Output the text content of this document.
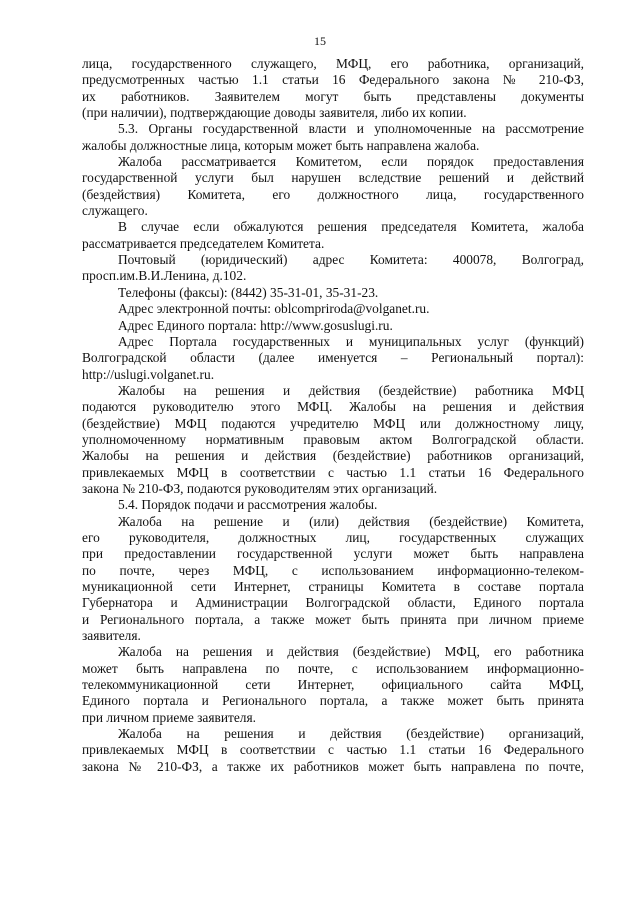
15
лица, государственного служащего, МФЦ, его работника, организаций,
предусмотренных частью 1.1 статьи 16 Федерального закона № 210-ФЗ,
их работников. Заявителем могут быть представлены документы
(при наличии), подтверждающие доводы заявителя, либо их копии.
5.3. Органы государственной власти и уполномоченные на рассмотрение
жалобы должностные лица, которым может быть направлена жалоба.
Жалоба рассматривается Комитетом, если порядок предоставления
государственной услуги был нарушен вследствие решений и действий
(бездействия) Комитета, его должностного лица, государственного
служащего.
В случае если обжалуются решения председателя Комитета, жалоба
рассматривается председателем Комитета.
Почтовый (юридический) адрес Комитета: 400078, Волгоград,
просп.им.В.И.Ленина, д.102.
Телефоны (факсы): (8442) 35-31-01, 35-31-23.
Адрес электронной почты: oblcompriroda@volganet.ru.
Адрес Единого портала: http://www.gosuslugi.ru.
Адрес Портала государственных и муниципальных услуг (функций)
Волгоградской области (далее именуется – Региональный портал):
http://uslugi.volganet.ru.
Жалобы на решения и действия (бездействие) работника МФЦ
подаются руководителю этого МФЦ. Жалобы на решения и действия
(бездействие) МФЦ подаются учредителю МФЦ или должностному лицу,
уполномоченному нормативным правовым актом Волгоградской области.
Жалобы на решения и действия (бездействие) работников организаций,
привлекаемых МФЦ в соответствии с частью 1.1 статьи 16 Федерального
закона № 210-ФЗ, подаются руководителям этих организаций.
5.4. Порядок подачи и рассмотрения жалобы.
Жалоба на решение и (или) действия (бездействие) Комитета,
его руководителя, должностных лиц, государственных служащих
при предоставлении государственной услуги может быть направлена
по почте, через МФЦ, с использованием информационно-телеком-
муникационной сети Интернет, страницы Комитета в составе портала
Губернатора и Администрации Волгоградской области, Единого портала
и Регионального портала, а также может быть принята при личном приеме
заявителя.
Жалоба на решения и действия (бездействие) МФЦ, его работника
может быть направлена по почте, с использованием информационно-
телекоммуникационной сети Интернет, официального сайта МФЦ,
Единого портала и Регионального портала, а также может быть принята
при личном приеме заявителя.
Жалоба на решения и действия (бездействие) организаций,
привлекаемых МФЦ в соответствии с частью 1.1 статьи 16 Федерального
закона № 210-ФЗ, а также их работников может быть направлена по почте,
